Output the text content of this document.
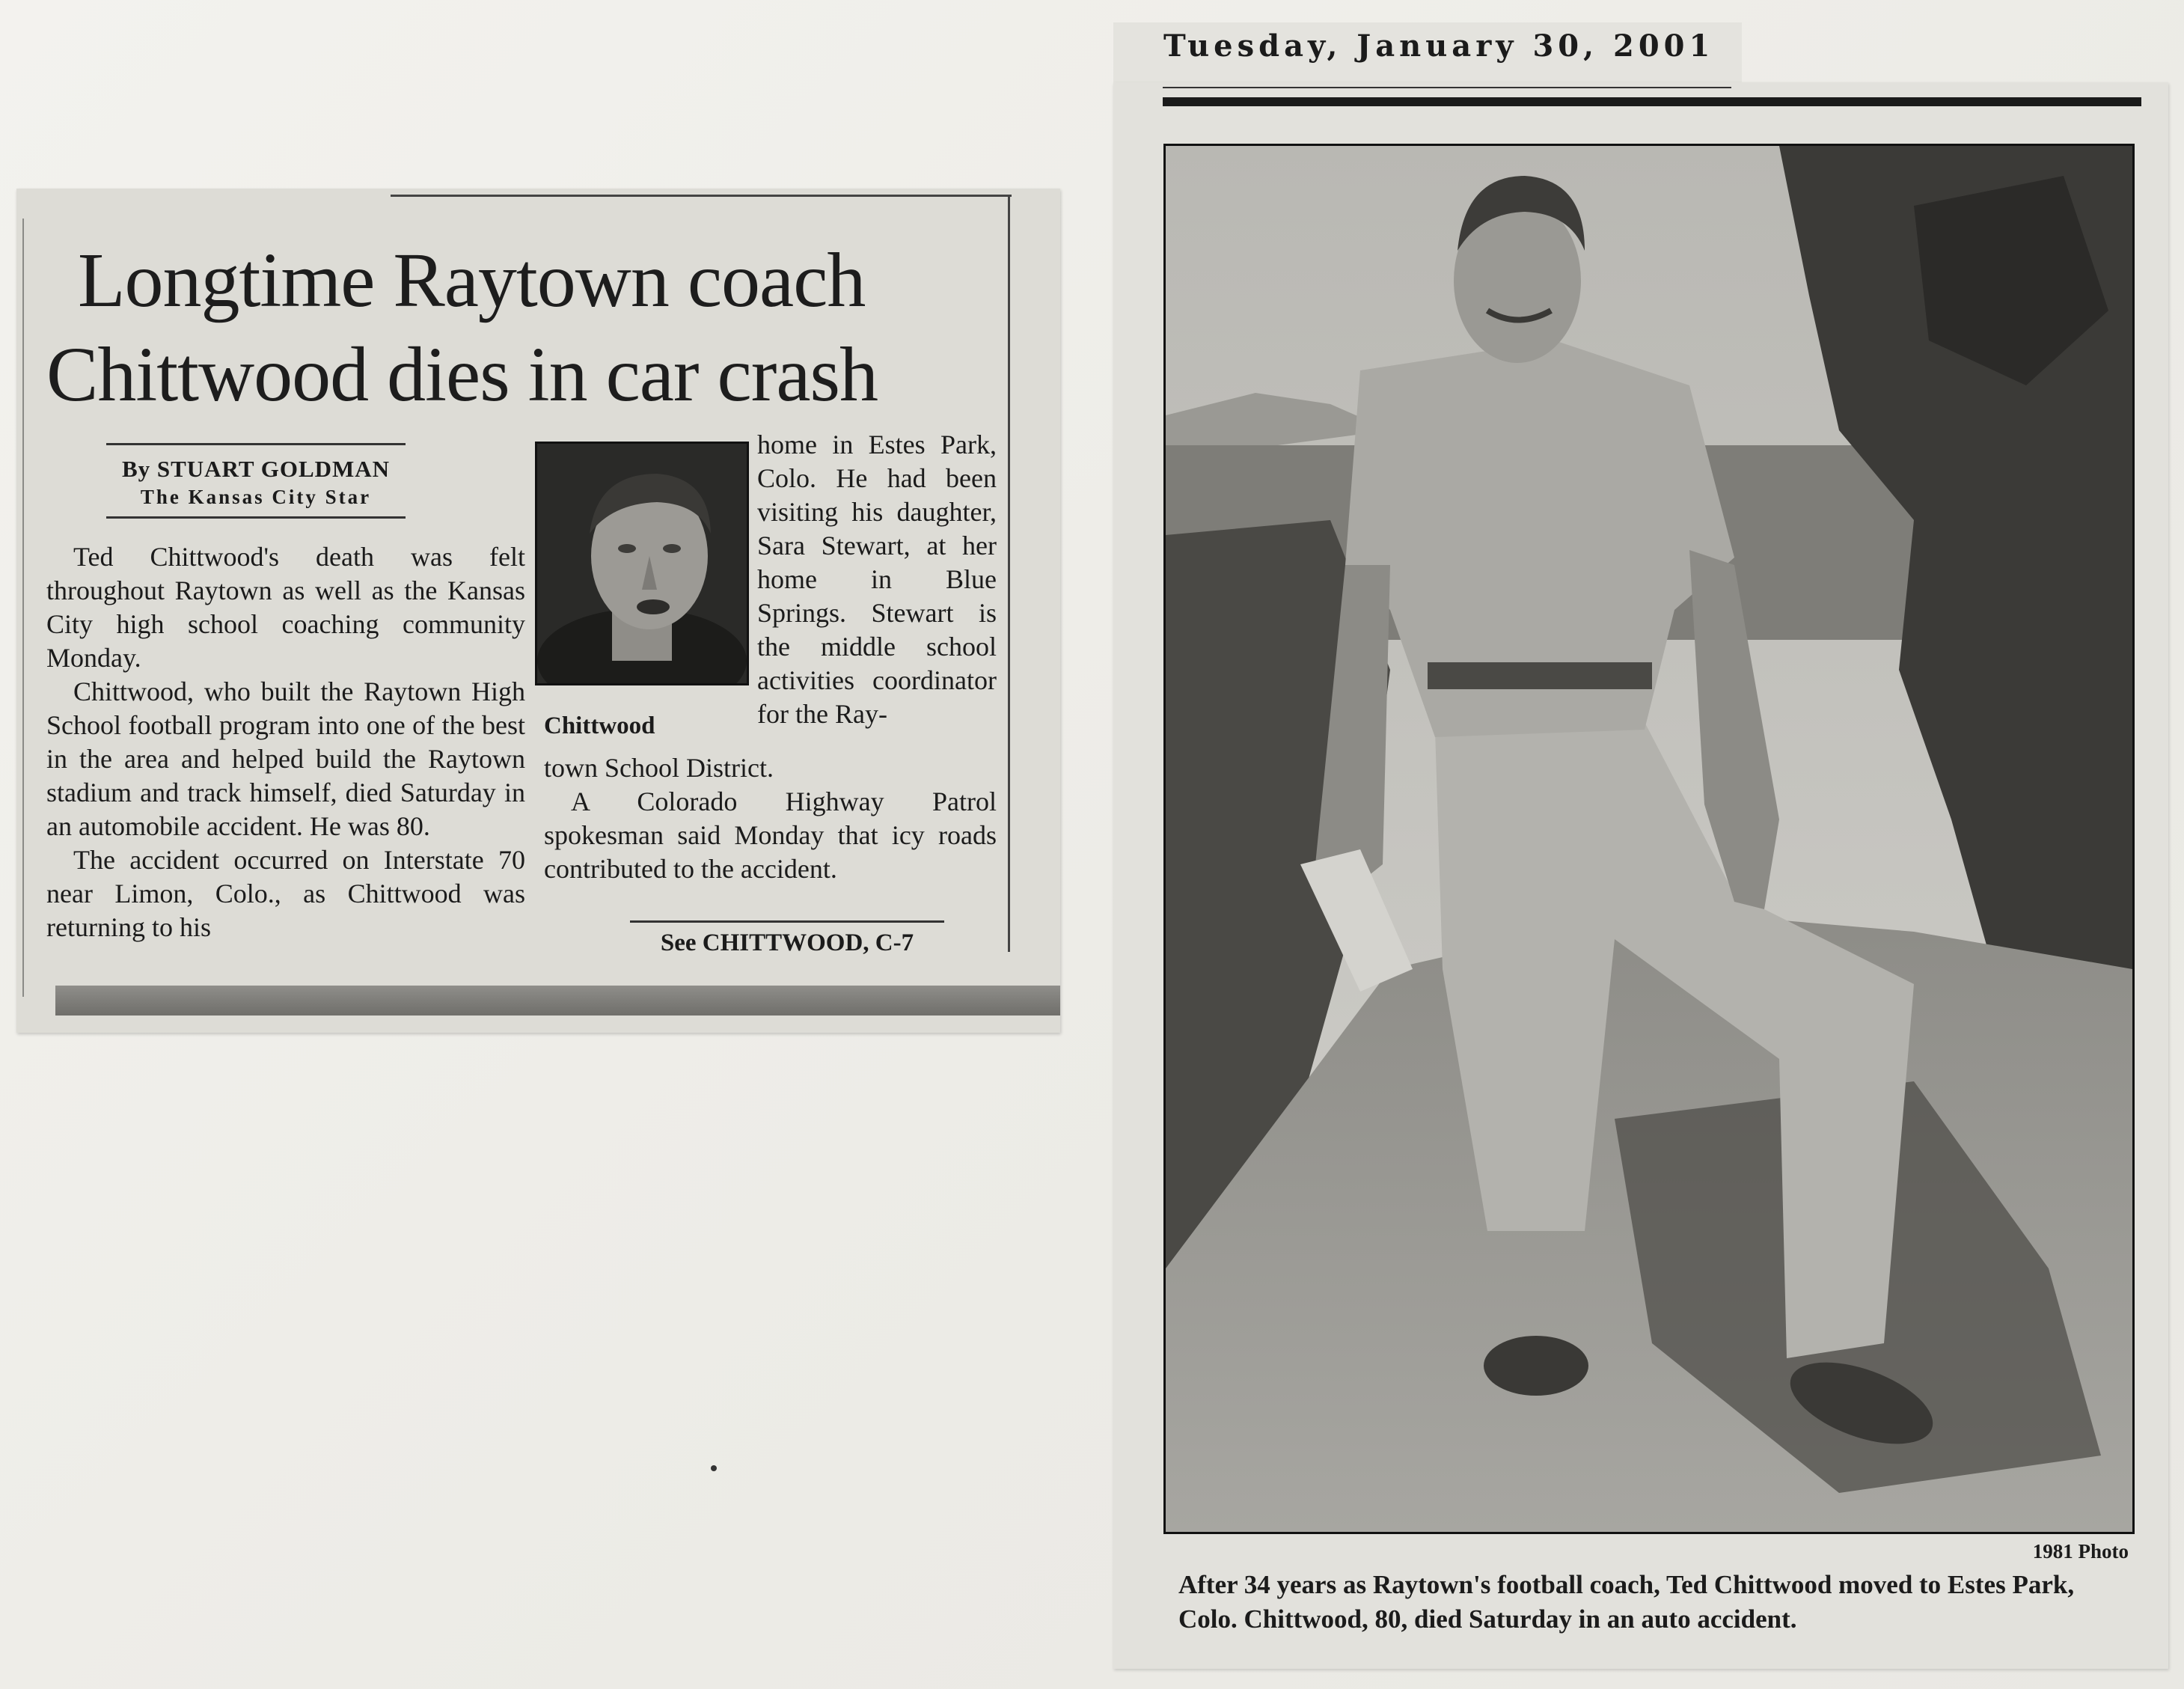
Longtime Raytown coach
Chittwood dies in car crash
By STUART GOLDMAN
The Kansas City Star

Ted Chittwood's death was felt throughout Raytown as well as the Kansas City high school coaching community Monday.

Chittwood, who built the Raytown High School football program into one of the best in the area and helped build the Raytown stadium and track himself, died Saturday in an automobile accident. He was 80.

The accident occurred on Interstate 70 near Limon, Colo., as Chittwood was returning to his

Chittwood

home in Estes Park, Colo. He had been visiting his daughter, Sara Stewart, at her home in Blue Springs. Stewart is the middle school activities coordinator for the Ray-

town School District.

A Colorado Highway Patrol spokesman said Monday that icy roads contributed to the accident.

See CHITTWOOD, C-7

Tuesday, January 30, 2001

1981 Photo

After 34 years as Raytown's football coach, Ted Chittwood moved to Estes Park, Colo. Chittwood, 80, died Saturday in an auto accident.
